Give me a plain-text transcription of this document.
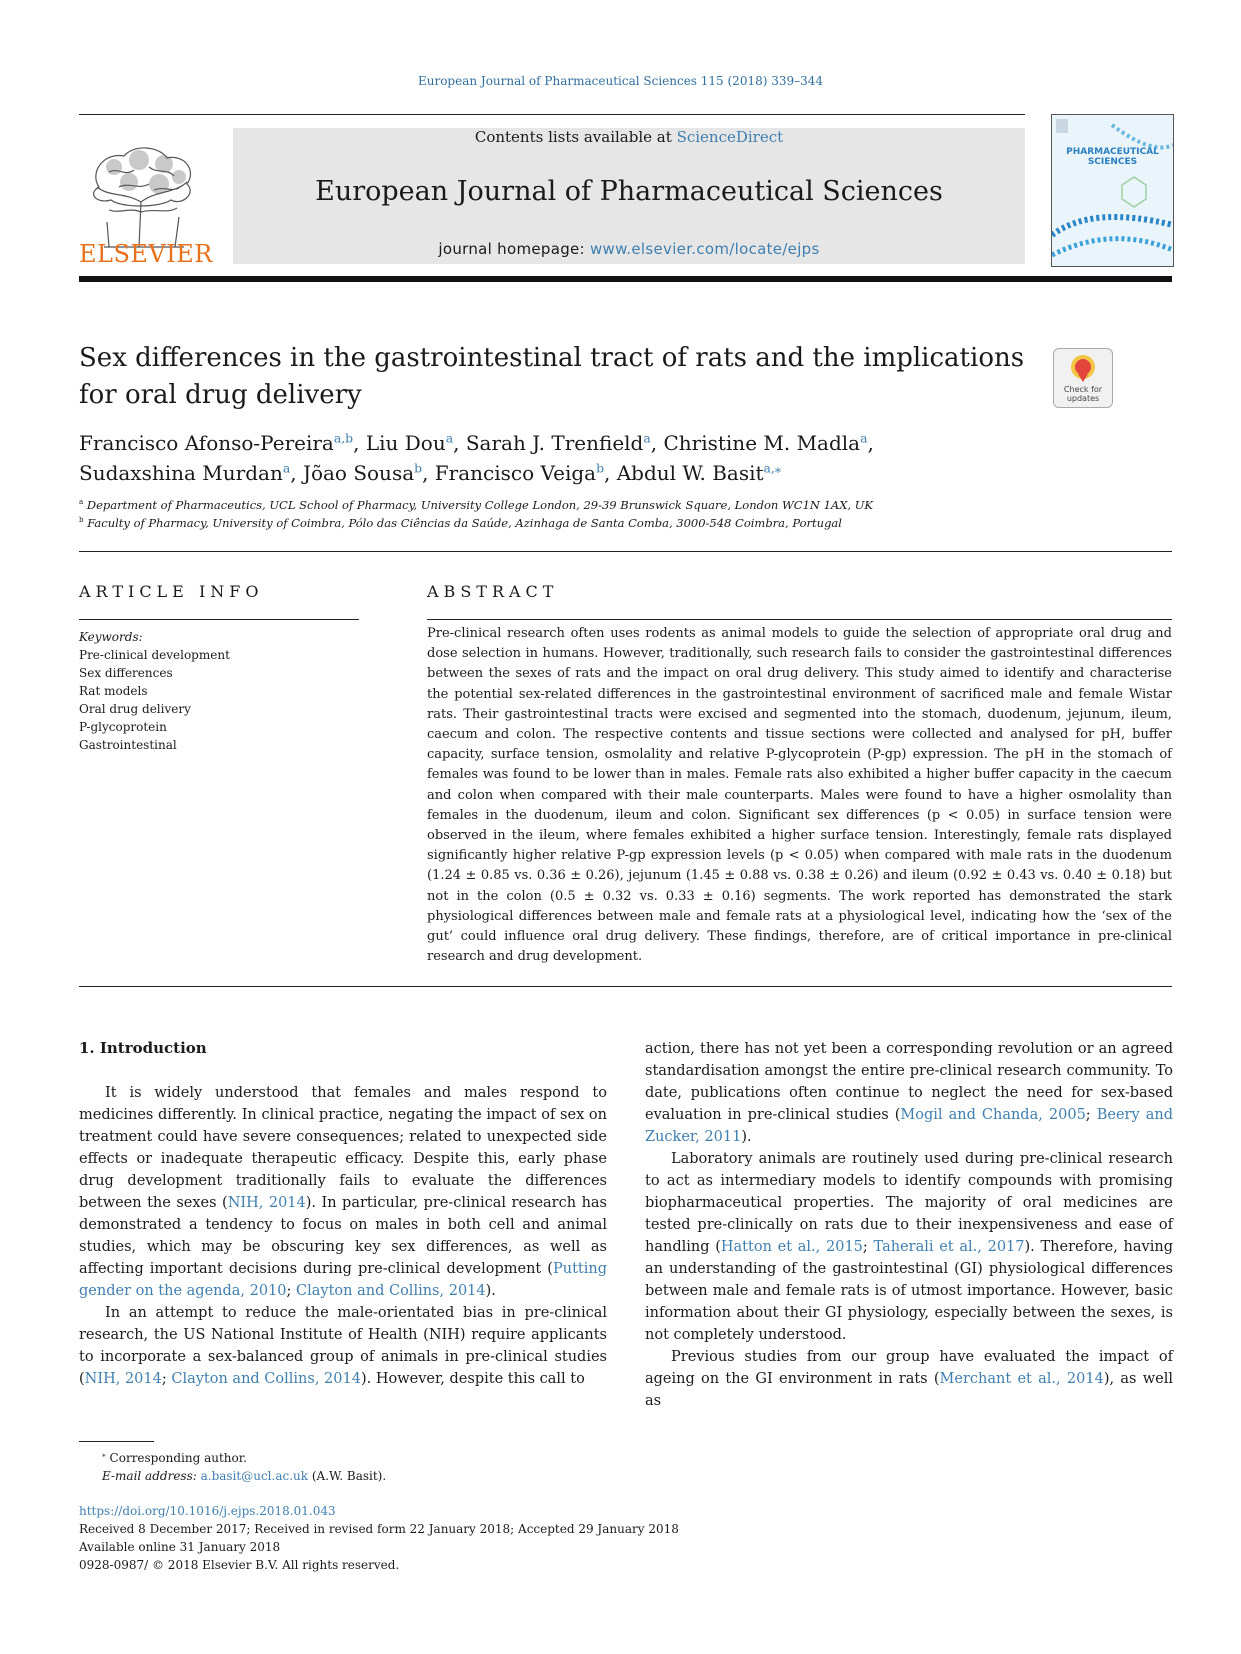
European Journal of Pharmaceutical Sciences 115 (2018) 339–344
ELSEVIER
Contents lists available at ScienceDirect
European Journal of Pharmaceutical Sciences
journal homepage: www.elsevier.com/locate/ejps
PHARMACEUTICAL
SCIENCES
Sex differences in the gastrointestinal tract of rats and the implications for oral drug delivery	Check for
updates
Francisco Afonso-Pereira$^{a,b}$, Liu Dou$^a$, Sarah J. Trenfield$^a$, Christine M. Madla$^a$,
Sudaxshina Murdan$^a$, Jõao Sousa$^b$, Francisco Veiga$^b$, Abdul W. Basit$^{a,⁎}$
$^a$ Department of Pharmaceutics, UCL School of Pharmacy, University College London, 29-39 Brunswick Square, London WC1N 1AX, UK
$^b$ Faculty of Pharmacy, University of Coimbra, Pólo das Ciências da Saúde, Azinhaga de Santa Comba, 3000-548 Coimbra, Portugal
ARTICLE INFO
Keywords:
Pre-clinical development
Sex differences
Rat models
Oral drug delivery
P-glycoprotein
Gastrointestinal
ABSTRACT
Pre-clinical research often uses rodents as animal models to guide the selection of appropriate oral drug and dose selection in humans. However, traditionally, such research fails to consider the gastrointestinal differences between the sexes of rats and the impact on oral drug delivery. This study aimed to identify and characterise the potential sex-related differences in the gastrointestinal environment of sacrificed male and female Wistar rats. Their gastrointestinal tracts were excised and segmented into the stomach, duodenum, jejunum, ileum, caecum and colon. The respective contents and tissue sections were collected and analysed for pH, buffer capacity, surface tension, osmolality and relative P-glycoprotein (P-gp) expression. The pH in the stomach of females was found to be lower than in males. Female rats also exhibited a higher buffer capacity in the caecum and colon when compared with their male counterparts. Males were found to have a higher osmolality than females in the duodenum, ileum and colon. Significant sex differences (p < 0.05) in surface tension were observed in the ileum, where females exhibited a higher surface tension. Interestingly, female rats displayed significantly higher relative P-gp expression levels (p < 0.05) when compared with male rats in the duodenum (1.24 ± 0.85 vs. 0.36 ± 0.26), jejunum (1.45 ± 0.88 vs. 0.38 ± 0.26) and ileum (0.92 ± 0.43 vs. 0.40 ± 0.18) but not in the colon (0.5 ± 0.32 vs. 0.33 ± 0.16) segments. The work reported has demonstrated the stark physiological differences between male and female rats at a physiological level, indicating how the ‘sex of the gut’ could influence oral drug delivery. These findings, therefore, are of critical importance in pre-clinical research and drug development.
1. Introduction

It is widely understood that females and males respond to medicines differently. In clinical practice, negating the impact of sex on treatment could have severe consequences; related to unexpected side effects or inadequate therapeutic efficacy. Despite this, early phase drug development traditionally fails to evaluate the differences between the sexes (NIH, 2014). In particular, pre-clinical research has demonstrated a tendency to focus on males in both cell and animal studies, which may be obscuring key sex differences, as well as affecting important decisions during pre-clinical development (Putting gender on the agenda, 2010; Clayton and Collins, 2014).

In an attempt to reduce the male-orientated bias in pre-clinical research, the US National Institute of Health (NIH) require applicants to incorporate a sex-balanced group of animals in pre-clinical studies (NIH, 2014; Clayton and Collins, 2014). However, despite this call to

action, there has not yet been a corresponding revolution or an agreed standardisation amongst the entire pre-clinical research community. To date, publications often continue to neglect the need for sex-based evaluation in pre-clinical studies (Mogil and Chanda, 2005; Beery and Zucker, 2011).

Laboratory animals are routinely used during pre-clinical research to act as intermediary models to identify compounds with promising biopharmaceutical properties. The majority of oral medicines are tested pre-clinically on rats due to their inexpensiveness and ease of handling (Hatton et al., 2015; Taherali et al., 2017). Therefore, having an understanding of the gastrointestinal (GI) physiological differences between male and female rats is of utmost importance. However, basic information about their GI physiology, especially between the sexes, is not completely understood.

Previous studies from our group have evaluated the impact of ageing on the GI environment in rats (Merchant et al., 2014), as well as

⁎ Corresponding author.
E-mail address: a.basit@ucl.ac.uk (A.W. Basit).
https://doi.org/10.1016/j.ejps.2018.01.043
Received 8 December 2017; Received in revised form 22 January 2018; Accepted 29 January 2018
Available online 31 January 2018
0928-0987/ © 2018 Elsevier B.V. All rights reserved.
